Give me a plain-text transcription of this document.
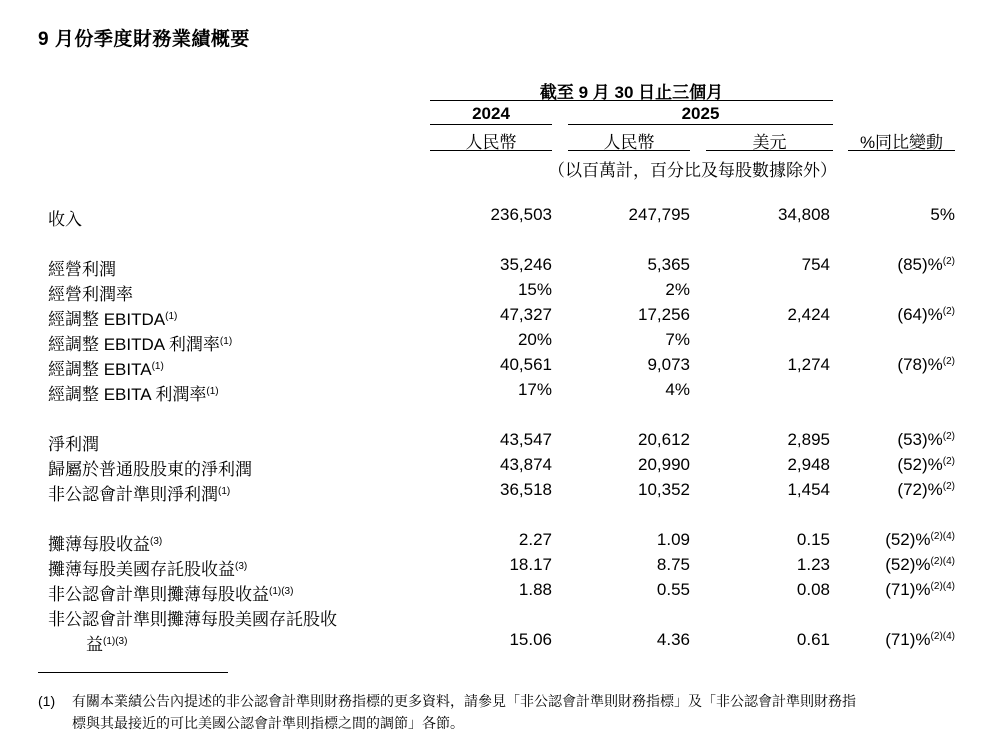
9 月份季度財務業績概要
截至 9 月 30 日止三個月
2024	2025
人民幣	人民幣	美元	%同比變動
（以百萬計，百分比及每股數據除外）
收入	236,503	247,795	34,808	5%
經營利潤	35,246	5,365	754	(85)%$^{(2)}$
經營利潤率	15%	2%
經調整 EBITDA$^{(1)}$	47,327	17,256	2,424	(64)%$^{(2)}$
經調整 EBITDA 利潤率$^{(1)}$	20%	7%
經調整 EBITA$^{(1)}$	40,561	9,073	1,274	(78)%$^{(2)}$
經調整 EBITA 利潤率$^{(1)}$	17%	4%
淨利潤	43,547	20,612	2,895	(53)%$^{(2)}$
歸屬於普通股股東的淨利潤	43,874	20,990	2,948	(52)%$^{(2)}$
非公認會計準則淨利潤$^{(1)}$	36,518	10,352	1,454	(72)%$^{(2)}$
攤薄每股收益$^{(3)}$	2.27	1.09	0.15	(52)%$^{(2)(4)}$
攤薄每股美國存託股收益$^{(3)}$	18.17	8.75	1.23	(52)%$^{(2)(4)}$
非公認會計準則攤薄每股收益$^{(1)(3)}$	1.88	0.55	0.08	(71)%$^{(2)(4)}$
非公認會計準則攤薄每股美國存託股收
益$^{(1)(3)}$	15.06	4.36	0.61	(71)%$^{(2)(4)}$
(1) 有關本業績公告內提述的非公認會計準則財務指標的更多資料，請參見「非公認會計準則財務指標」及「非公認會計準則財務指
標與其最接近的可比美國公認會計準則指標之間的調節」各節。
